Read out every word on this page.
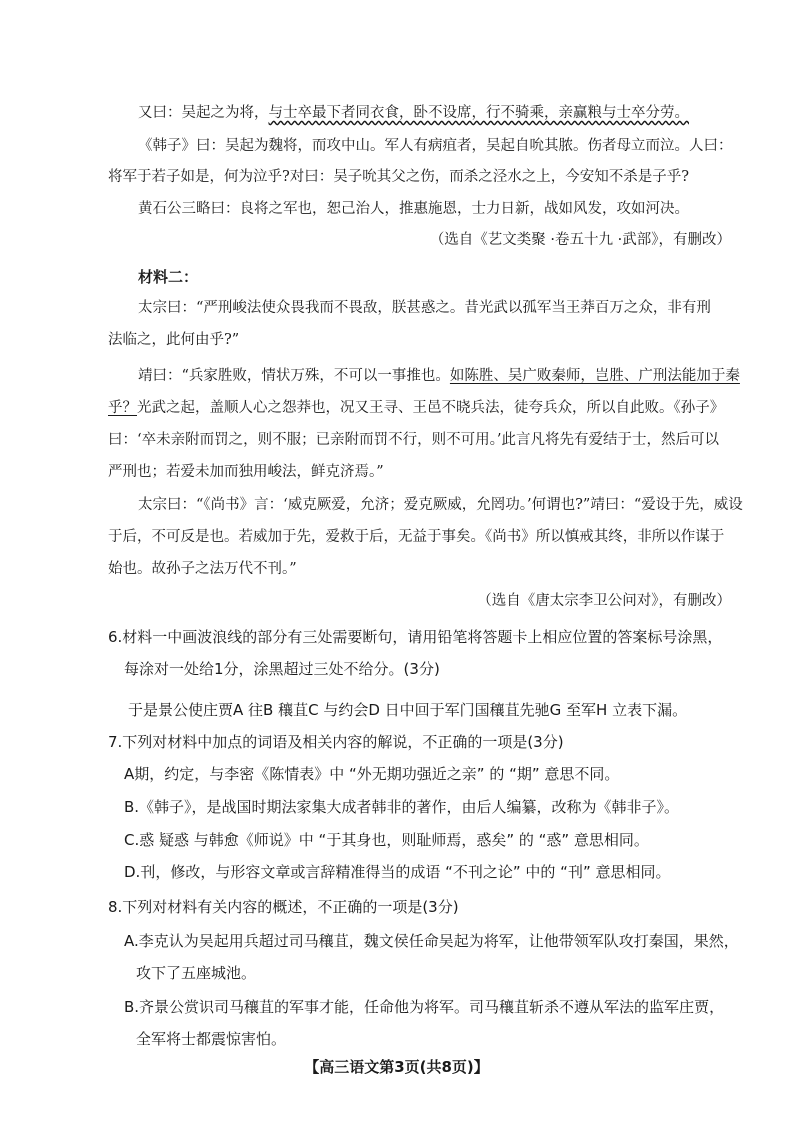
又曰：吴起之为将，与士卒最下者同衣食，卧不设席，行不骑乘，亲赢粮与士卒分劳。
《韩子》曰：吴起为魏将，而攻中山。军人有病疽者，吴起自吮其脓。伤者母立而泣。人曰：
将军于若子如是，何为泣乎?对曰：吴子吮其父之伤，而杀之泾水之上，今安知不杀是子乎?
黄石公三略曰：良将之军也，恕己治人，推惠施恩，士力日新，战如风发，攻如河决。
（选自《艺文类聚 ·卷五十九 ·武部》，有删改）
材料二：
太宗曰：“严刑峻法使众畏我而不畏敌，朕甚惑之。昔光武以孤军当王莽百万之众，非有刑
法临之，此何由乎?”
靖曰：“兵家胜败，情状万殊，不可以一事推也。如陈胜、吴广败秦师，岂胜、广刑法能加于秦
乎？光武之起，盖顺人心之怨莽也，况又王寻、王邑不晓兵法，徒夸兵众，所以自此败。《孙子》
曰：‘卒未亲附而罚之，则不服；已亲附而罚不行，则不可用。’此言凡将先有爱结于士，然后可以
严刑也；若爱未加而独用峻法，鲜克济焉。”
太宗曰：“《尚书》言：‘威克厥爱，允济；爱克厥威，允罔功。’何谓也?”靖曰：“爱设于先，威设
于后，不可反是也。若威加于先，爱救于后，无益于事矣。《尚书》所以慎戒其终，非所以作谋于
始也。故孙子之法万代不刊。”
（选自《唐太宗李卫公问对》，有删改）
6.材料一中画波浪线的部分有三处需要断句，请用铅笔将答题卡上相应位置的答案标号涂黑，
每涂对一处给1分，涂黑超过三处不给分。(3分)
于是景公使庄贾A 往B 穰苴C 与约会D 日中回于军门国穰苴先驰G 至军H 立表下漏。
7.下列对材料中加点的词语及相关内容的解说，不正确的一项是(3分)
A期，约定，与李密《陈情表》中 “外无期功强近之亲” 的 “期” 意思不同。
B.《韩子》，是战国时期法家集大成者韩非的著作，由后人编纂，改称为《韩非子》。
C.惑 疑惑 与韩愈《师说》中 “于其身也，则耻师焉，惑矣” 的 “惑” 意思相同。
D.刊，修改，与形容文章或言辞精准得当的成语 “不刊之论” 中的 “刊” 意思相同。
8.下列对材料有关内容的概述，不正确的一项是(3分)
A.李克认为吴起用兵超过司马穰苴，魏文侯任命吴起为将军，让他带领军队攻打秦国，果然，
攻下了五座城池。
B.齐景公赏识司马穰苴的军事才能，任命他为将军。司马穰苴斩杀不遵从军法的监军庄贾，
全军将士都震惊害怕。
【高三语文第3页(共8页)】
